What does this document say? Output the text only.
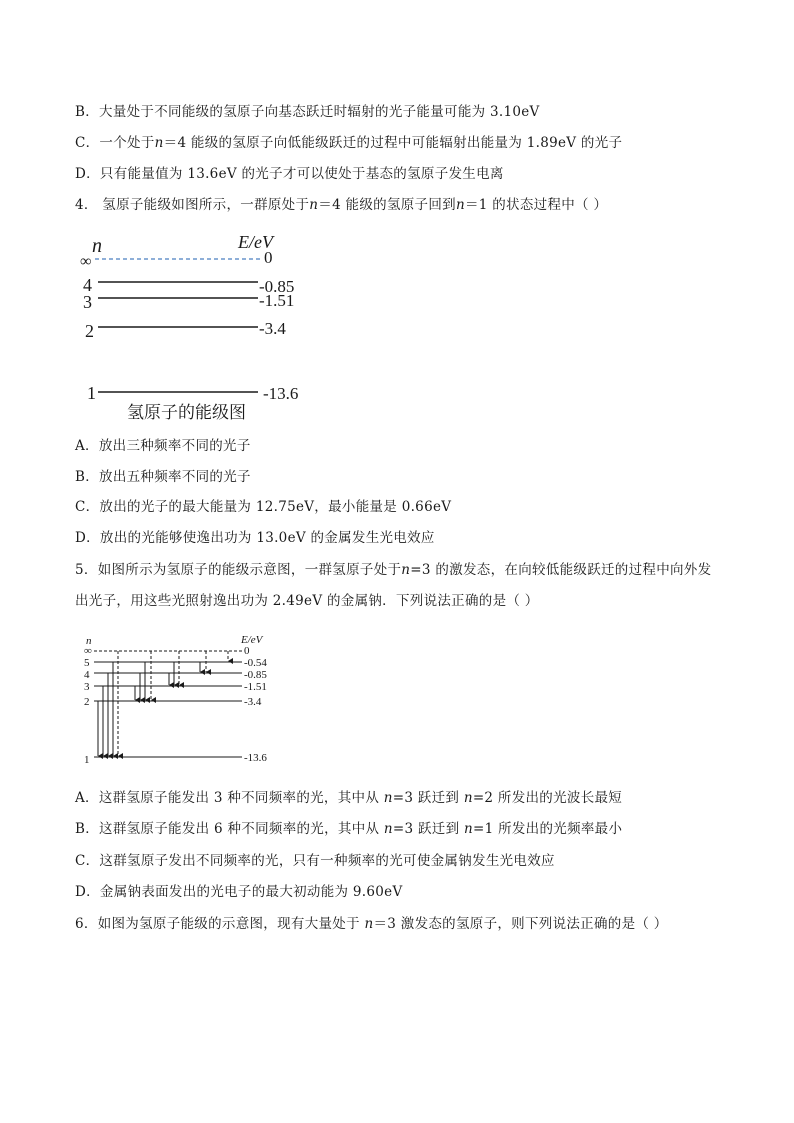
B．大量处于不同能级的氢原子向基态跃迁时辐射的光子能量可能为 3.10eV
C．一个处于n＝4 能级的氢原子向低能级跃迁的过程中可能辐射出能量为 1.89eV 的光子
D．只有能量值为 13.6eV 的光子才可以使处于基态的氢原子发生电离
4． 氢原子能级如图所示，一群原处于n＝4 能级的氢原子回到n＝1 的状态过程中（ ）
n	E/eV
∞	0
4	-0.85
3	-1.51
2	-3.4
1	-13.6
氢原子的能级图
A．放出三种频率不同的光子
B．放出五种频率不同的光子
C．放出的光子的最大能量为 12.75eV，最小能量是 0.66eV
D．放出的光能够使逸出功为 13.0eV 的金属发生光电效应
5．如图所示为氢原子的能级示意图，一群氢原子处于n=3 的激发态，在向较低能级跃迁的过程中向外发
出光子，用这些光照射逸出功为 2.49eV 的金属钠．下列说法正确的是（ ）
n	E/eV
∞	0
5	-0.54
4	-0.85
3	-1.51
2	-3.4
1	-13.6
A．这群氢原子能发出 3 种不同频率的光，其中从 n=3 跃迁到 n=2 所发出的光波长最短
B．这群氢原子能发出 6 种不同频率的光，其中从 n=3 跃迁到 n=1 所发出的光频率最小
C．这群氢原子发出不同频率的光，只有一种频率的光可使金属钠发生光电效应
D．金属钠表面发出的光电子的最大初动能为 9.60eV
6．如图为氢原子能级的示意图，现有大量处于 n＝3 激发态的氢原子，则下列说法正确的是（ ）
